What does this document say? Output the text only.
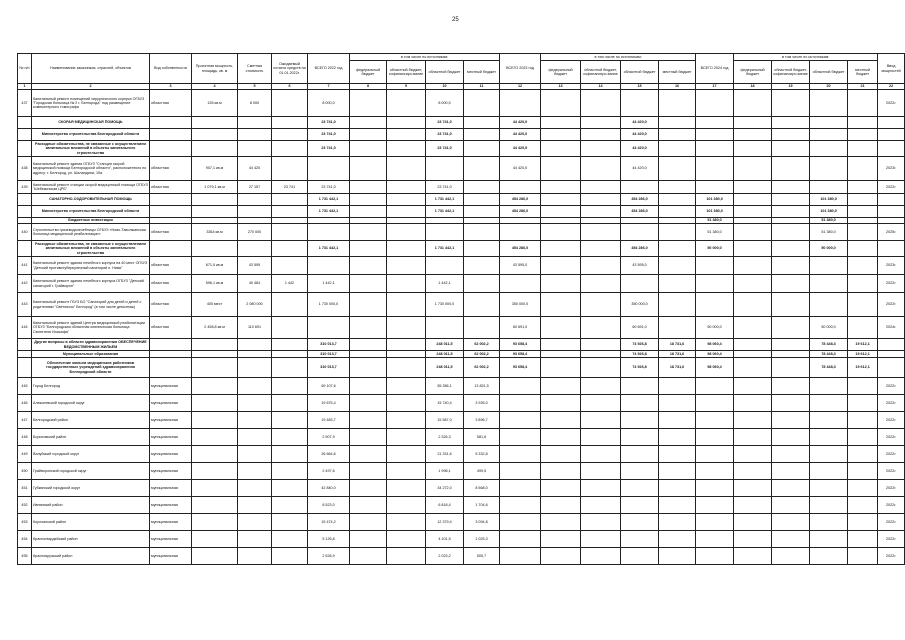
25
№ п/п	Наименование заказчиков, отраслей, объектов	Вид собственности	Проектная мощность, площадь, кв. м	Сметная стоимость	Ожидаемый остаток средств на 01.01.2022г.	ВСЕГО 2022 год	в том числе по источникам:				ВСЕГО 2023 год	в том числе по источникам:				ВСЕГО 2024 год	в том числе по источникам:				Ввод мощностей
							федеральный бюджет	областной бюджет, софинансиро-вание	областной бюджет	местный бюджет		федеральный бюджет	областной бюджет, софинансиро-вание	областной бюджет	местный бюджет		федеральный бюджет	областной бюджет, софинансиро-вание	областной бюджет	местный бюджет	
1	2	3	4	5	6	7	8	9	10	11	12	13	14	15	16	17	18	19	20	21	22
437	Капитальный ремонт помещений хирургического корпуса ОГБУЗ "Городская больница № 2 г. Белгорода" под размещение компьютерного томографа	областная	135 кв.м	8 000		8 000,0			8 000,0												2022г.
	СКОРАЯ МЕДИЦИНСКАЯ ПОМОЩЬ					23 741,0			23 741,0		44 420,0			44 420,0							
	Министерство строительства Белгородской области					23 741,0			23 741,0		44 420,0			44 420,0							
	Расходные обязательства, не связанные с осуществлением капитальных вложений в объекты капитального строительства					23 741,0			23 741,0		44 420,0			44 420,0							
438	Капитальный ремонт здания ОГБУЗ "Станция скорой медицинской помощи Белгородской области", расположенного по адресу: г. Белгород, ул. Шаландина, 19а	областная	907,1 кв.м	44 420							44 420,0			44 420,0							2023г.
439	Капитальный ремонт станции скорой медицинской помощи ОГБУЗ "Шебекинская ЦРБ"	областная	1 079,1 кв.м	27 157	23 741	23 741,0			23 741,0												2022г.
	САНАТОРНО-ОЗДОРОВИТЕЛЬНАЯ ПОМОЩЬ					1 731 442,1			1 731 442,1		454 286,0			454 286,0		101 380,0			101 380,0		
	Министерство строительства Белгородской области					1 731 442,1			1 731 442,1		454 286,0			454 286,0		101 380,0			101 380,0		
	Бюджетные инвестиции															51 380,0			51 380,0		
440	Строительство грязеводолечебницы ОГБУЗ «Ново-Таволжанская больница медицинской реабилитации»	областная	3364 кв.м	270 000												51 380,0			51 380,0		2025г.
	Расходные обязательства, не связанные с осуществлением капитальных вложений в объекты капитального строительства					1 731 442,1			1 731 442,1		454 286,0			454 286,0		50 000,0			50 000,0		
441	Капитальный ремонт здания лечебного корпуса на 40 мест ОГБУЗ "Детский противотуберкулезный санаторий п. Нива"	областная	671,0 кв.м	43 595							43 595,0			43 595,0							2023г.
442	Капитальный ремонт здания лечебного корпуса ОГБУЗ "Детский санаторий г. Грайворон"	областная	596,1 кв.м	40 484	1 442	1 442,1			1 442,1												2022г.
443	Капитальный ремонт ГБУЗ БО "Санаторий для детей и детей с родителями "Светлячок" Белгород" (в том числе демонтаж)	областная	400 мест	2 080 000		1 730 000,0			1 730 000,0		350 000,0			350 000,0							2022г.
444	Капитальный ремонт зданий Центра медицинской реабилитации ОГБУЗ "Белгородская областная клиническая больница Святителя Иоасафа"	областная	2 458,8 кв.м	110 691							60 691,0			60 691,0		50 000,0			50 000,0		2024г.
	Другие вопросы в области здравоохранения ОБЕСПЕЧЕНИЕ ВЕДОМСТВЕННЫМ ЖИЛЬЕМ					310 013,7			248 011,5	62 002,2	93 658,4			74 926,8	18 731,6	98 060,4			78 448,3	19 612,1	
	Муниципальные образования					310 013,7			248 011,5	62 002,2	93 658,4			74 926,8	18 731,6	98 060,4			78 448,3	19 612,1	
	Обеспечение жильем медицинских работников государственных учреждений здравоохранения Белгородской области					310 013,7			248 011,5	62 002,2	93 658,4			74 926,8	18 731,6	98 060,4			78 448,3	19 612,1	
445	Город Белгород	муниципальная				69 107,6			55 286,1	13 821,5											2022г.
446	Алексеевский городской округ	муниципальная				19 675,4			15 740,4	3 935,0											2022г.
447	Белгородский район	муниципальная				19 483,7			15 587,0	3 896,7											2022г.
448	Борисовский район	муниципальная				2 907,9			2 326,3	581,6											2022г.
449	Валуйский городской округ	муниципальная				26 664,6			21 331,6	5 332,8											2022г.
450	Грайворонский городской округ	муниципальная				2 497,6			1 998,1	499,5											2022г.
451	Губкинский городской округ	муниципальная				42 840,0			34 272,0	8 568,0											2022г.
452	Ивнянский район	муниципальная				8 523,0			6 818,4	1 704,6											2022г.
453	Корочанский район	муниципальная				15 474,2			12 379,4	3 094,8											2022г.
454	Красногвардейский район	муниципальная				5 126,8			4 101,5	1 025,3											2022г.
455	Краснояружский район	муниципальная				2 528,9			2 023,2	505,7											2022г.
